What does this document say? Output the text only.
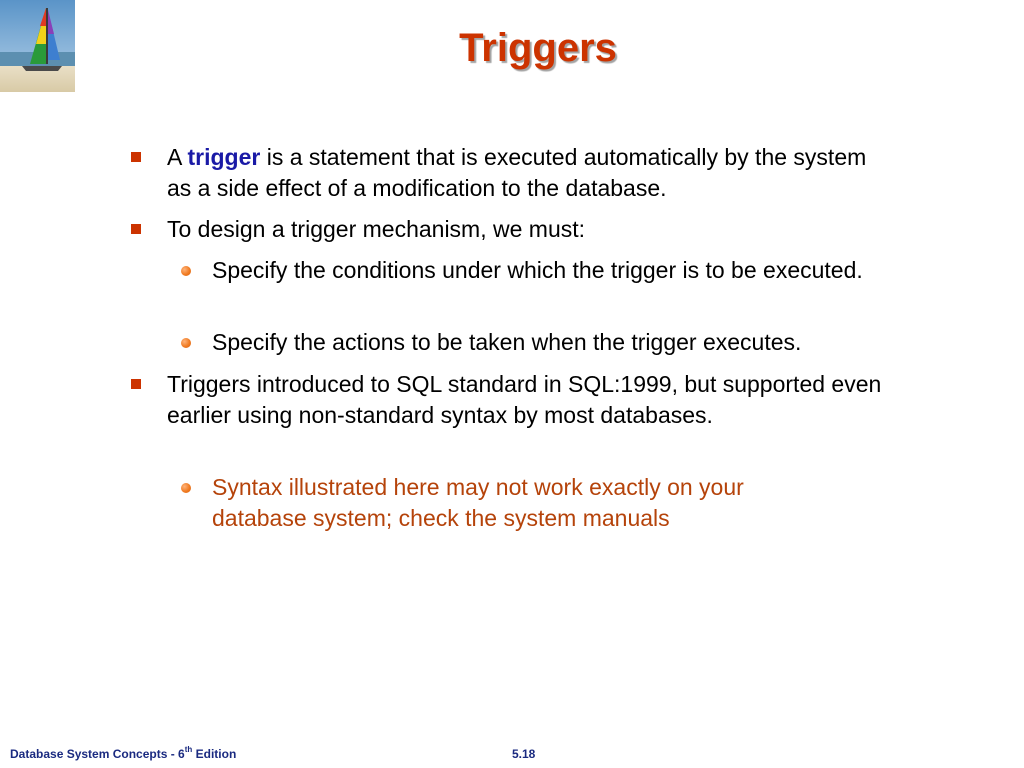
Triggers
A trigger is a statement that is executed automatically by the system as a side effect of a modification to the database.
To design a trigger mechanism, we must:
Specify the conditions under which the trigger is to be executed.
Specify the actions to be taken when the trigger executes.
Triggers introduced to SQL standard in SQL:1999, but supported even earlier using non-standard syntax by most databases.
Syntax illustrated here may not work exactly on your database system; check the system manuals
Database System Concepts - 6th Edition	5.18
